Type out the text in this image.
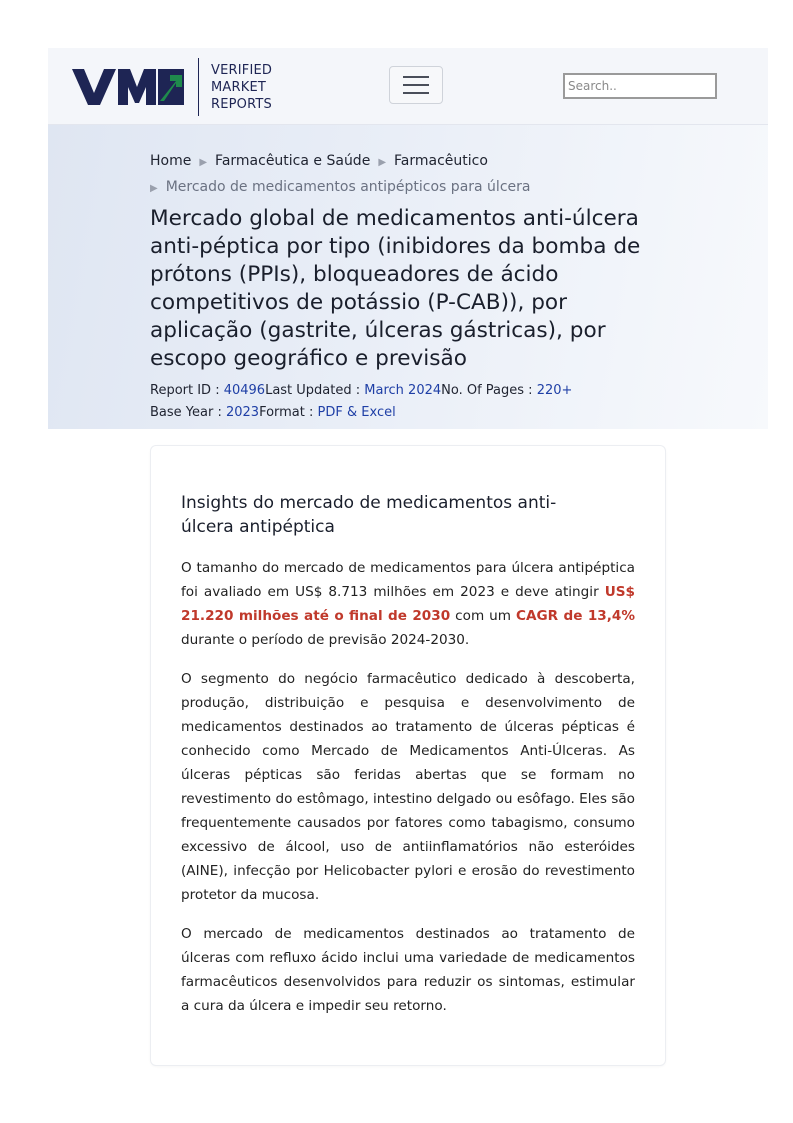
VERIFIED
MARKET
REPORTS
Search..
Home ▶ Farmacêutica e Saúde ▶ Farmacêutico
▶ Mercado de medicamentos antipépticos para úlcera
Mercado global de medicamentos anti-úlcera anti-péptica por tipo (inibidores da bomba de prótons (PPIs), bloqueadores de ácido competitivos de potássio (P-CAB)), por aplicação (gastrite, úlceras gástricas), por escopo geográfico e previsão
Report ID : 40496Last Updated : March 2024No. Of Pages : 220+
Base Year : 2023Format : PDF & Excel
Insights do mercado de medicamentos anti-úlcera antipéptica

O tamanho do mercado de medicamentos para úlcera antipéptica foi avaliado em US$ 8.713 milhões em 2023 e deve atingir US$ 21.220 milhões até o final de 2030 com um CAGR de 13,4% durante o período de previsão 2024-2030.

O segmento do negócio farmacêutico dedicado à descoberta, produção, distribuição e pesquisa e desenvolvimento de medicamentos destinados ao tratamento de úlceras pépticas é conhecido como Mercado de Medicamentos Anti-Úlceras. As úlceras pépticas são feridas abertas que se formam no revestimento do estômago, intestino delgado ou esôfago. Eles são frequentemente causados ​​por fatores como tabagismo, consumo excessivo de álcool, uso de antiinflamatórios não esteróides (AINE), infecção por Helicobacter pylori e erosão do revestimento protetor da mucosa.

O mercado de medicamentos destinados ao tratamento de úlceras com refluxo ácido inclui uma variedade de medicamentos farmacêuticos desenvolvidos para reduzir os sintomas, estimular a cura da úlcera e impedir seu retorno.
